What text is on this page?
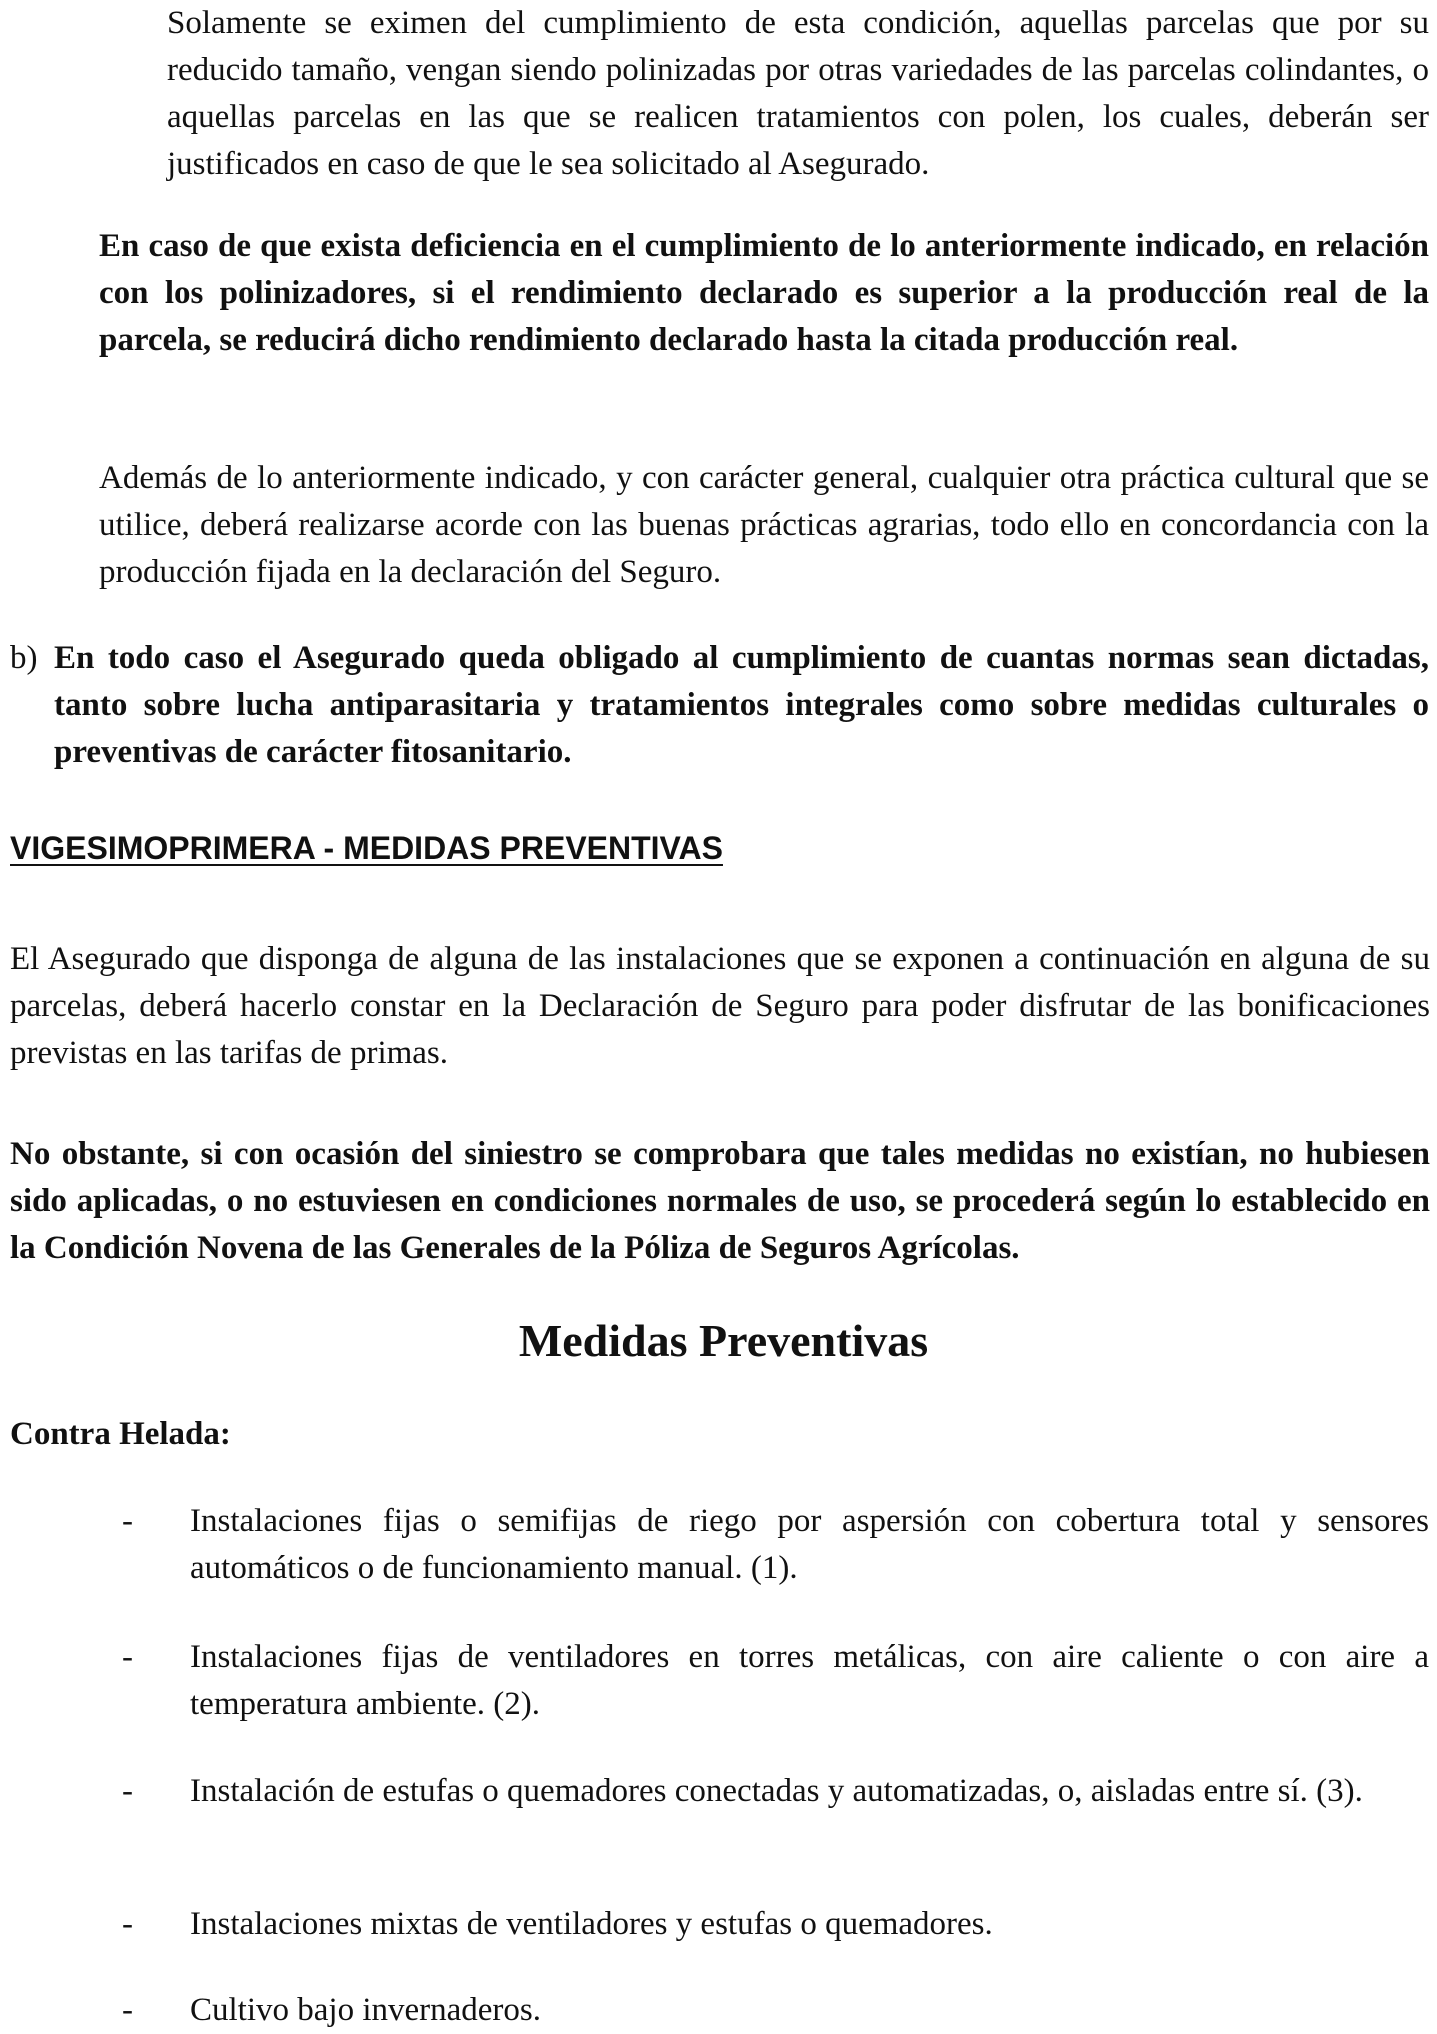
Solamente se eximen del cumplimiento de esta condición, aquellas parcelas que por su reducido tamaño, vengan siendo polinizadas por otras variedades de las parcelas colindantes, o aquellas parcelas en las que se realicen tratamientos con polen, los cuales, deberán ser justificados en caso de que le sea solicitado al Asegurado.

En caso de que exista deficiencia en el cumplimiento de lo anteriormente indicado, en relación con los polinizadores, si el rendimiento declarado es superior a la producción real de la parcela, se reducirá dicho rendimiento declarado hasta la citada producción real.

Además de lo anteriormente indicado, y con carácter general, cualquier otra práctica cultural que se utilice, deberá realizarse acorde con las buenas prácticas agrarias, todo ello en concordancia con la producción fijada en la declaración del Seguro.

b) En todo caso el Asegurado queda obligado al cumplimiento de cuantas normas sean dictadas, tanto sobre lucha antiparasitaria y tratamientos integrales como sobre medidas culturales o preventivas de carácter fitosanitario.

VIGESIMOPRIMERA - MEDIDAS PREVENTIVAS

El Asegurado que disponga de alguna de las instalaciones que se exponen a continuación en alguna de su parcelas, deberá hacerlo constar en la Declaración de Seguro para poder disfrutar de las bonificaciones previstas en las tarifas de primas.

No obstante, si con ocasión del siniestro se comprobara que tales medidas no existían, no hubiesen sido aplicadas, o no estuviesen en condiciones normales de uso, se procederá según lo establecido en la Condición Novena de las Generales de la Póliza de Seguros Agrícolas.

Medidas Preventivas
Contra Helada:
- Instalaciones fijas o semifijas de riego por aspersión con cobertura total y sensores automáticos o de funcionamiento manual. (1).

- Instalaciones fijas de ventiladores en torres metálicas, con aire caliente o con aire a temperatura ambiente. (2).

- Instalación de estufas o quemadores conectadas y automatizadas, o, aisladas entre sí. (3).

- Instalaciones mixtas de ventiladores y estufas o quemadores.

- Cultivo bajo invernaderos.
